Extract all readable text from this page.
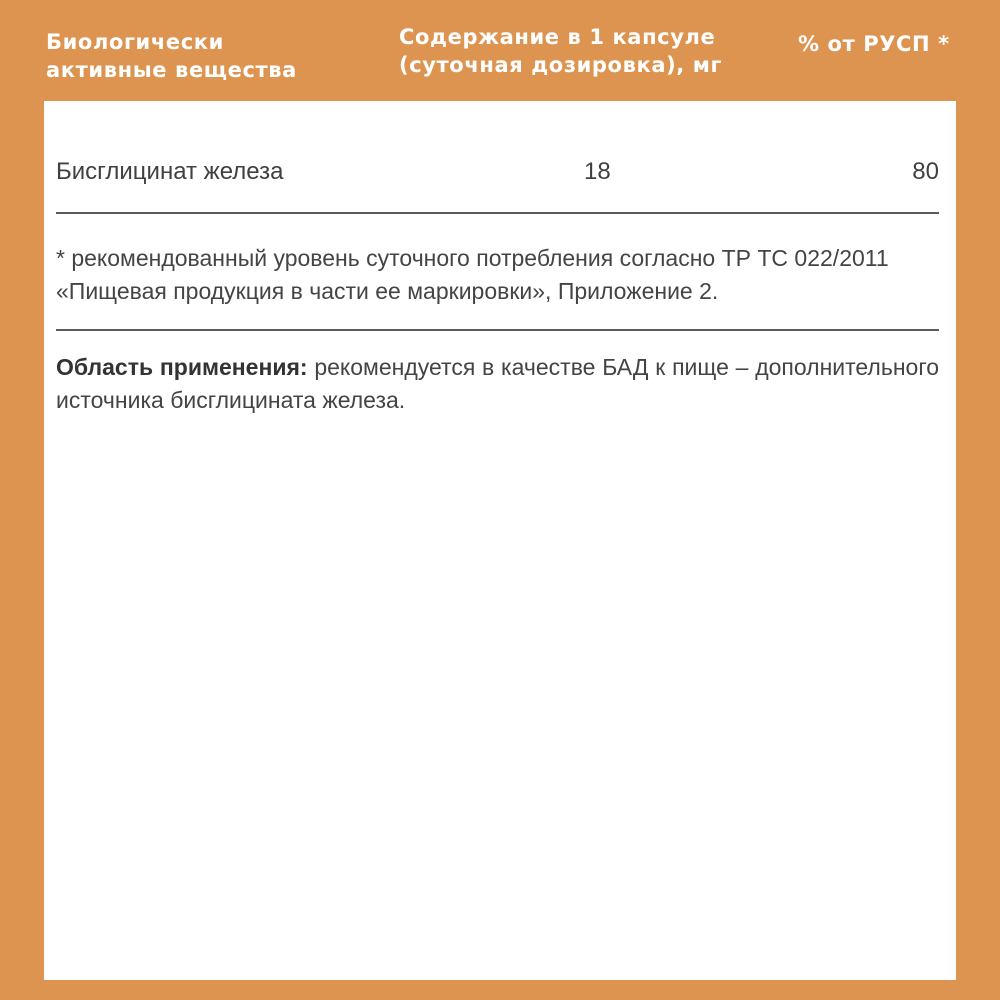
Биологически
активные вещества
Содержание в 1 капсуле
(суточная дозировка), мг
% от РУСП *
Бисглицинат железа	18	80

* рекомендованный уровень суточного потребления согласно ТР ТС 022/2011 «Пищевая продукция в части ее маркировки», Приложение 2.

Область применения: рекомендуется в качестве БАД к пище – дополнительного источника бисглицината железа.
